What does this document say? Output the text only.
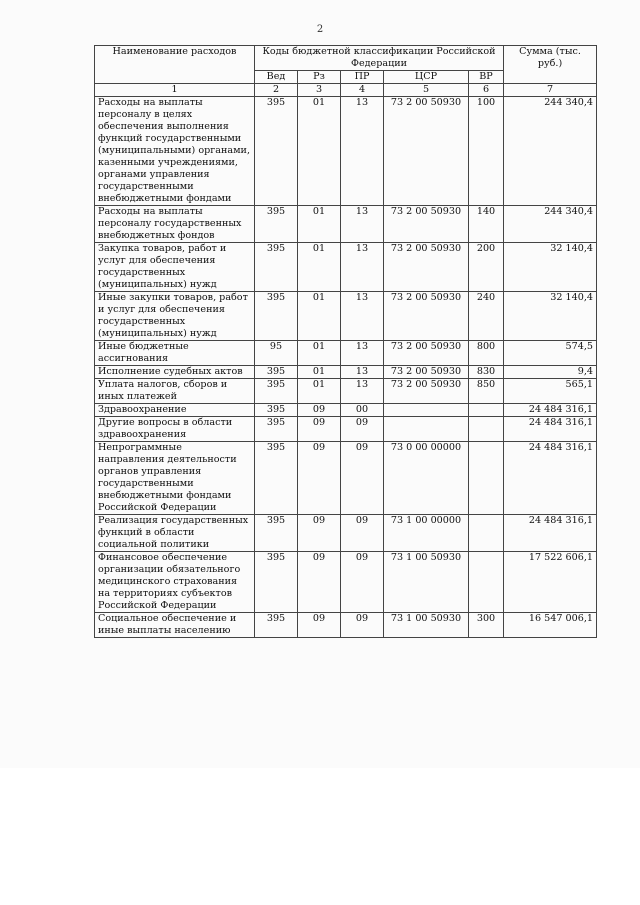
2
Наименование расходов	Коды бюджетной классификации Российской Федерации					Сумма (тыс. руб.)
	Вед	Рз	ПР	ЦСР	ВР	
1	2	3	4	5	6	7
Расходы на выплаты персоналу в целях обеспечения выполнения функций государственными (муниципальными) органами, казенными учреждениями, органами управления государственными внебюджетными фондами	395	01	13	73 2 00 50930	100	244 340,4
Расходы на выплаты персоналу государственных внебюджетных фондов	395	01	13	73 2 00 50930	140	244 340,4
Закупка товаров, работ и услуг для обеспечения государственных (муниципальных) нужд	395	01	13	73 2 00 50930	200	32 140,4
Иные закупки товаров, работ и услуг для обеспечения государственных (муниципальных) нужд	395	01	13	73 2 00 50930	240	32 140,4
Иные бюджетные ассигнования	95	01	13	73 2 00 50930	800	574,5
Исполнение судебных актов	395	01	13	73 2 00 50930	830	9,4
Уплата налогов, сборов и иных платежей	395	01	13	73 2 00 50930	850	565,1
Здравоохранение	395	09	00			24 484 316,1
Другие вопросы в области здравоохранения	395	09	09			24 484 316,1
Непрограммные направления деятельности органов управления государственными внебюджетными фондами Российской Федерации	395	09	09	73 0 00 00000		24 484 316,1
Реализация государственных функций в области социальной политики	395	09	09	73 1 00 00000		24 484 316,1
Финансовое обеспечение организации обязательного медицинского страхования на территориях субъектов Российской Федерации	395	09	09	73 1 00 50930		17 522 606,1
Социальное обеспечение и иные выплаты населению	395	09	09	73 1 00 50930	300	16 547 006,1
